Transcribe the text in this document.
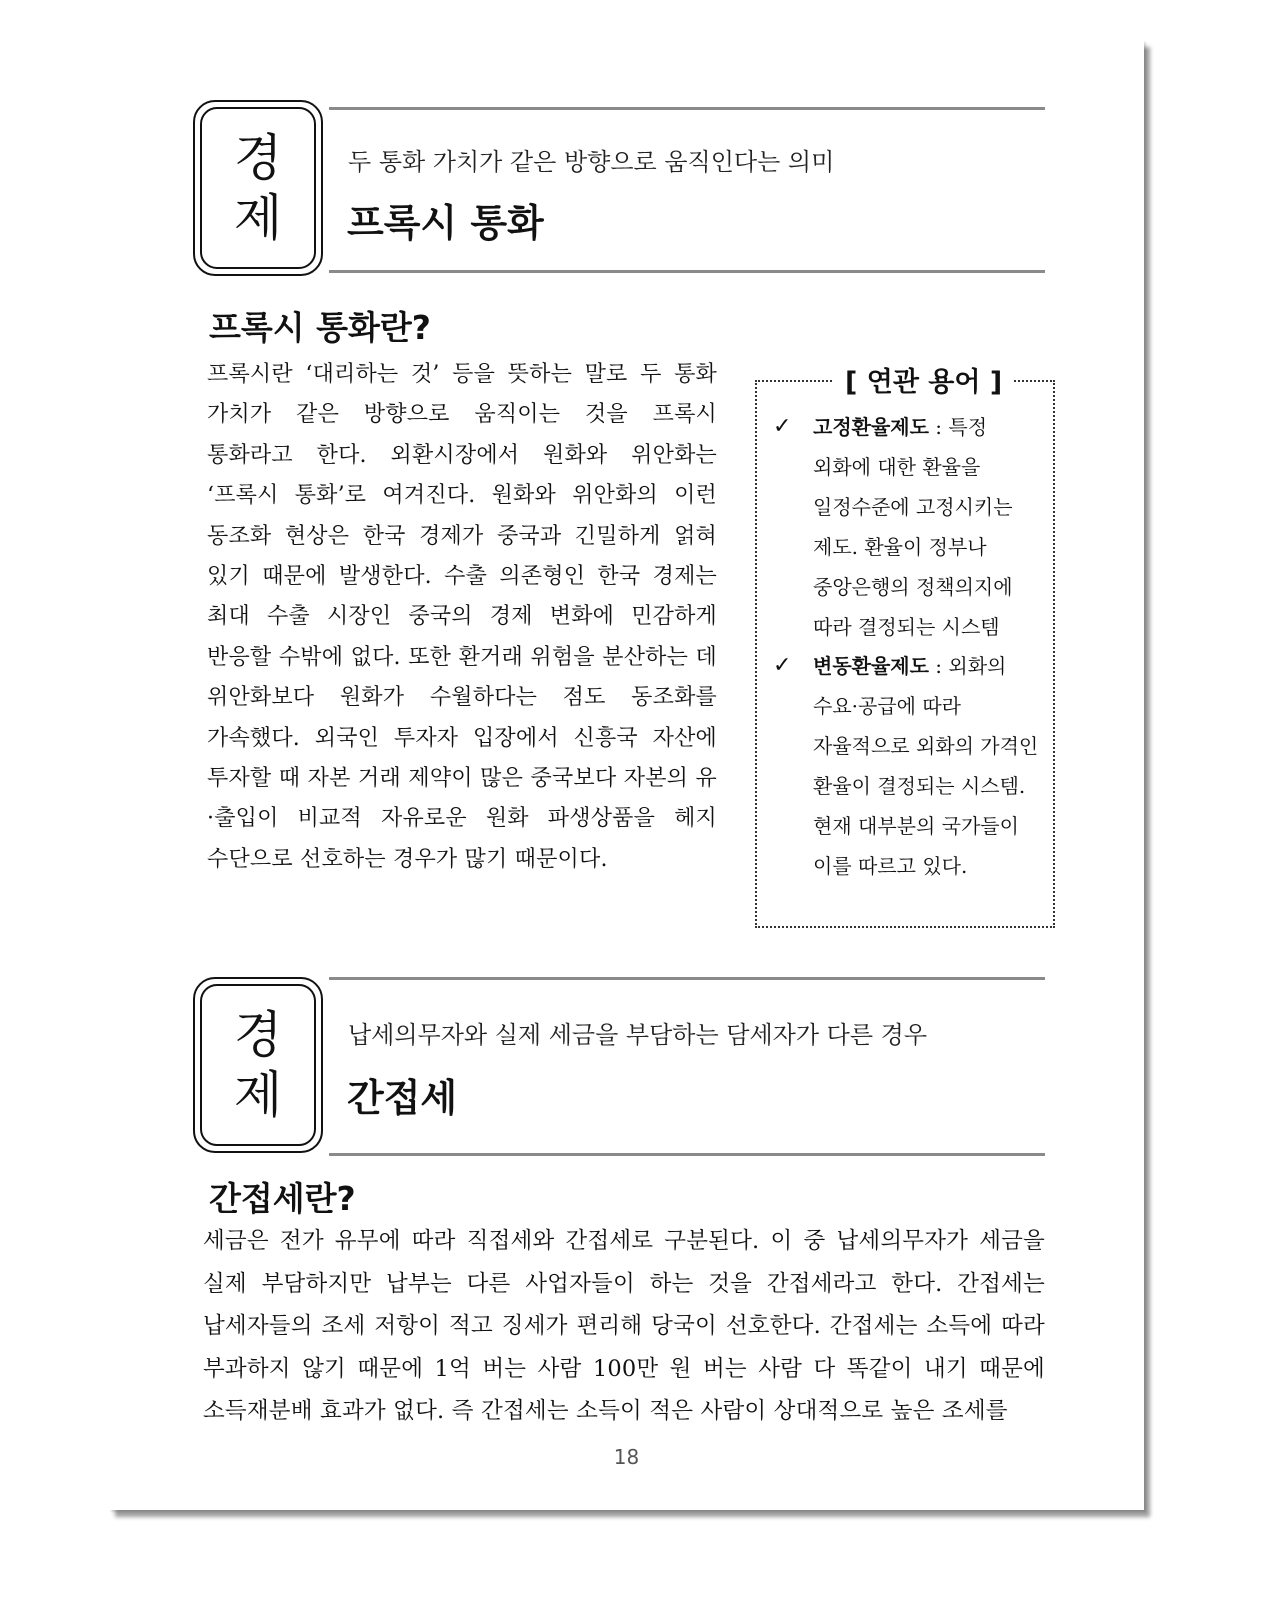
경
제
두 통화 가치가 같은 방향으로 움직인다는 의미
프록시 통화
프록시 통화란?

프록시란 ‘대리하는 것’ 등을 뜻하는 말로 두 통화 가치가 같은 방향으로 움직이는 것을 프록시 통화라고 한다. 외환시장에서 원화와 위안화는 ‘프록시 통화’로 여겨진다. 원화와 위안화의 이런 동조화 현상은 한국 경제가 중국과 긴밀하게 얽혀 있기 때문에 발생한다. 수출 의존형인 한국 경제는 최대 수출 시장인 중국의 경제 변화에 민감하게 반응할 수밖에 없다. 또한 환거래 위험을 분산하는 데 위안화보다 원화가 수월하다는 점도 동조화를 가속했다. 외국인 투자자 입장에서 신흥국 자산에 투자할 때 자본 거래 제약이 많은 중국보다 자본의 유·출입이 비교적 자유로운 원화 파생상품을 헤지 수단으로 선호하는 경우가 많기 때문이다.

[ 연관 용어 ]
✓ 고정환율제도 : 특정 외화에 대한 환율을 일정수준에 고정시키는 제도. 환율이 정부나 중앙은행의 정책의지에 따라 결정되는 시스템
✓ 변동환율제도 : 외화의 수요·공급에 따라 자율적으로 외화의 가격인 환율이 결정되는 시스템. 현재 대부분의 국가들이 이를 따르고 있다.
경
제
납세의무자와 실제 세금을 부담하는 담세자가 다른 경우
간접세
간접세란?

세금은 전가 유무에 따라 직접세와 간접세로 구분된다. 이 중 납세의무자가 세금을 실제 부담하지만 납부는 다른 사업자들이 하는 것을 간접세라고 한다. 간접세는 납세자들의 조세 저항이 적고 징세가 편리해 당국이 선호한다. 간접세는 소득에 따라 부과하지 않기 때문에 1억 버는 사람 100만 원 버는 사람 다 똑같이 내기 때문에 소득재분배 효과가 없다. 즉 간접세는 소득이 적은 사람이 상대적으로 높은 조세를

18
